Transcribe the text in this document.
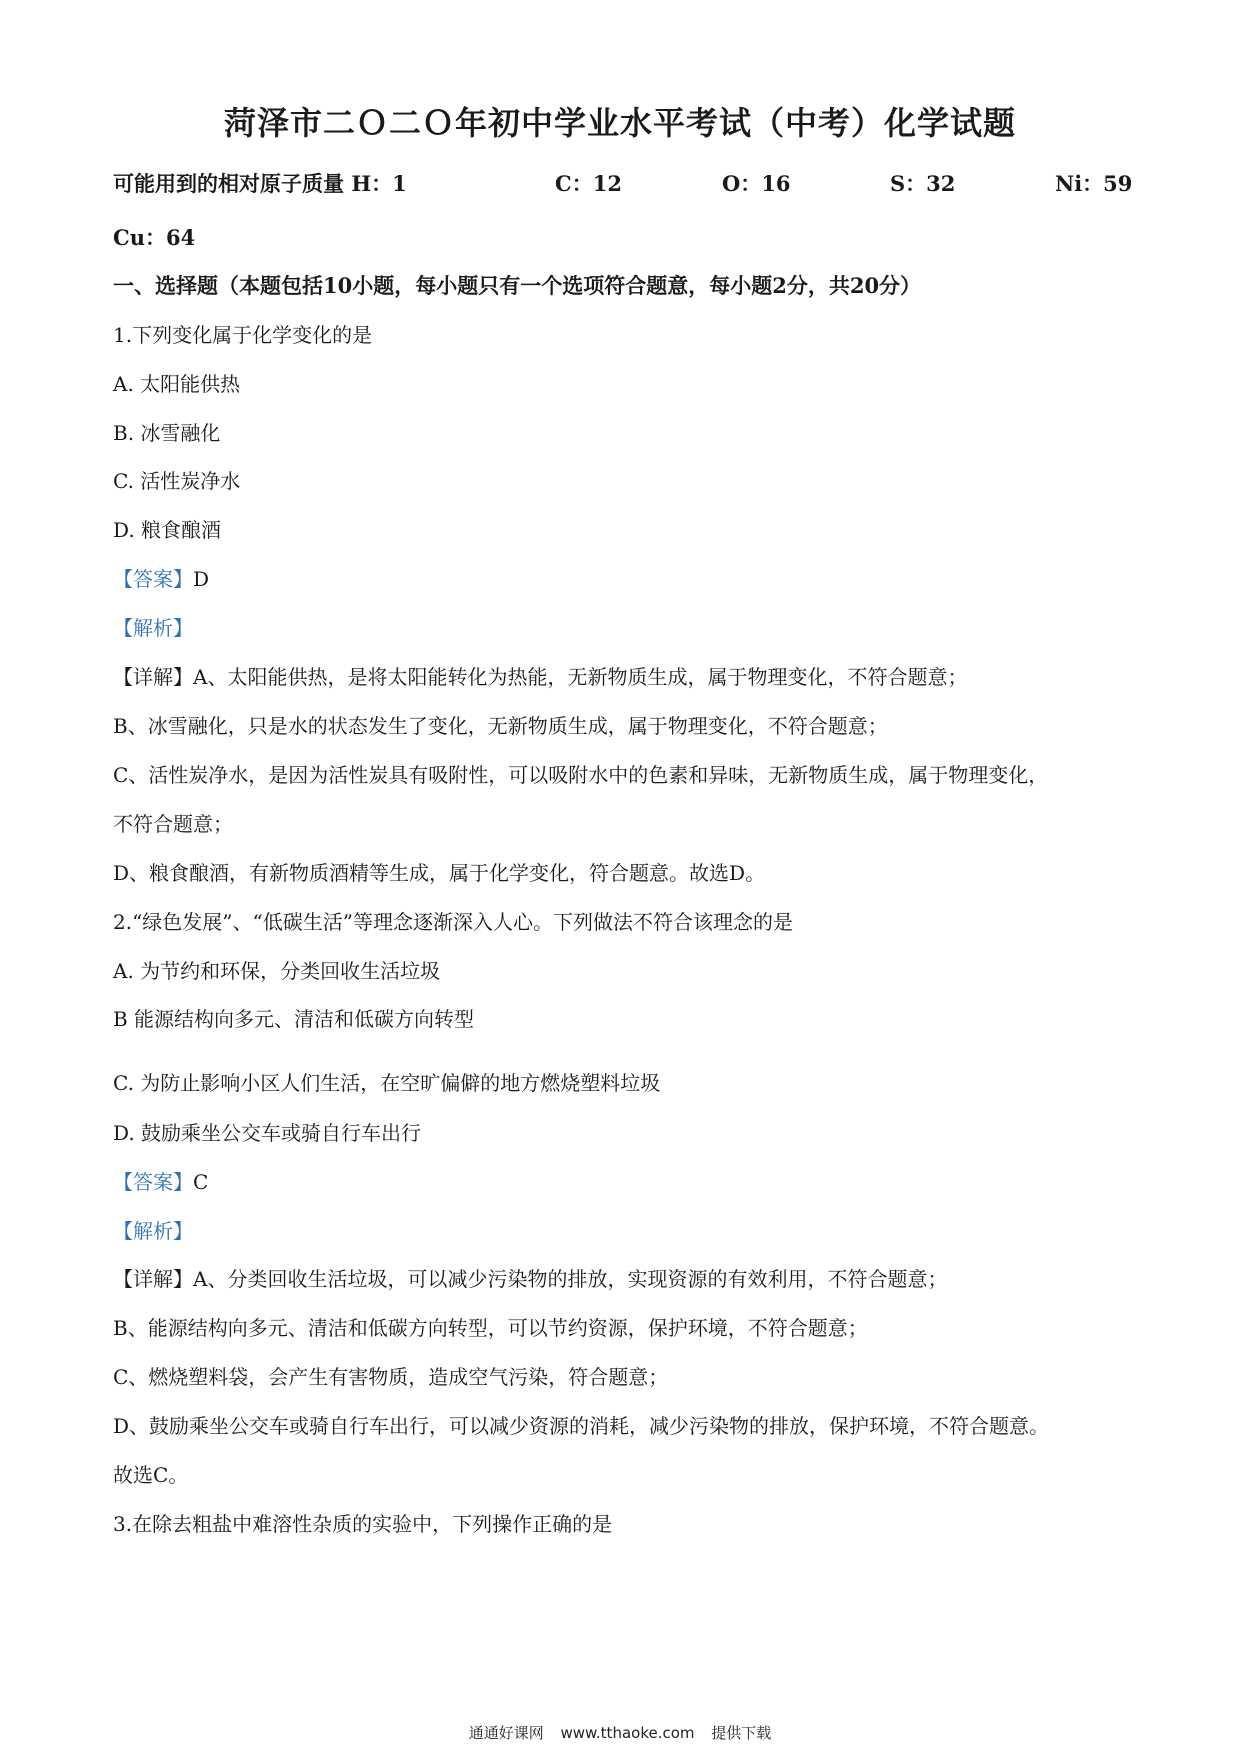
菏泽市二Ｏ二Ｏ年初中学业水平考试（中考）化学试题
可能用到的相对原子质量 H：1	C：12	O：16	S：32	Ni：59
Cu：64
一、选择题（本题包括10小题，每小题只有一个选项符合题意，每小题2分，共20分）
1.下列变化属于化学变化的是
A. 太阳能供热
B. 冰雪融化
C. 活性炭净水
D. 粮食酿酒
【答案】D
【解析】
【详解】A、太阳能供热，是将太阳能转化为热能，无新物质生成，属于物理变化，不符合题意；
B、冰雪融化，只是水的状态发生了变化，无新物质生成，属于物理变化，不符合题意；
C、活性炭净水，是因为活性炭具有吸附性，可以吸附水中的色素和异味，无新物质生成，属于物理变化，
不符合题意；
D、粮食酿酒，有新物质酒精等生成，属于化学变化，符合题意。故选D。
2.“绿色发展”、“低碳生活”等理念逐渐深入人心。下列做法不符合该理念的是
A. 为节约和环保，分类回收生活垃圾
B 能源结构向多元、清洁和低碳方向转型
C. 为防止影响小区人们生活，在空旷偏僻的地方燃烧塑料垃圾
D. 鼓励乘坐公交车或骑自行车出行
【答案】C
【解析】
【详解】A、分类回收生活垃圾，可以减少污染物的排放，实现资源的有效利用，不符合题意；
B、能源结构向多元、清洁和低碳方向转型，可以节约资源，保护环境，不符合题意；
C、燃烧塑料袋，会产生有害物质，造成空气污染，符合题意；
D、鼓励乘坐公交车或骑自行车出行，可以减少资源的消耗，减少污染物的排放，保护环境，不符合题意。
故选C。
3.在除去粗盐中难溶性杂质的实验中，下列操作正确的是
通通好课网 www.tthaoke.com 提供下载
